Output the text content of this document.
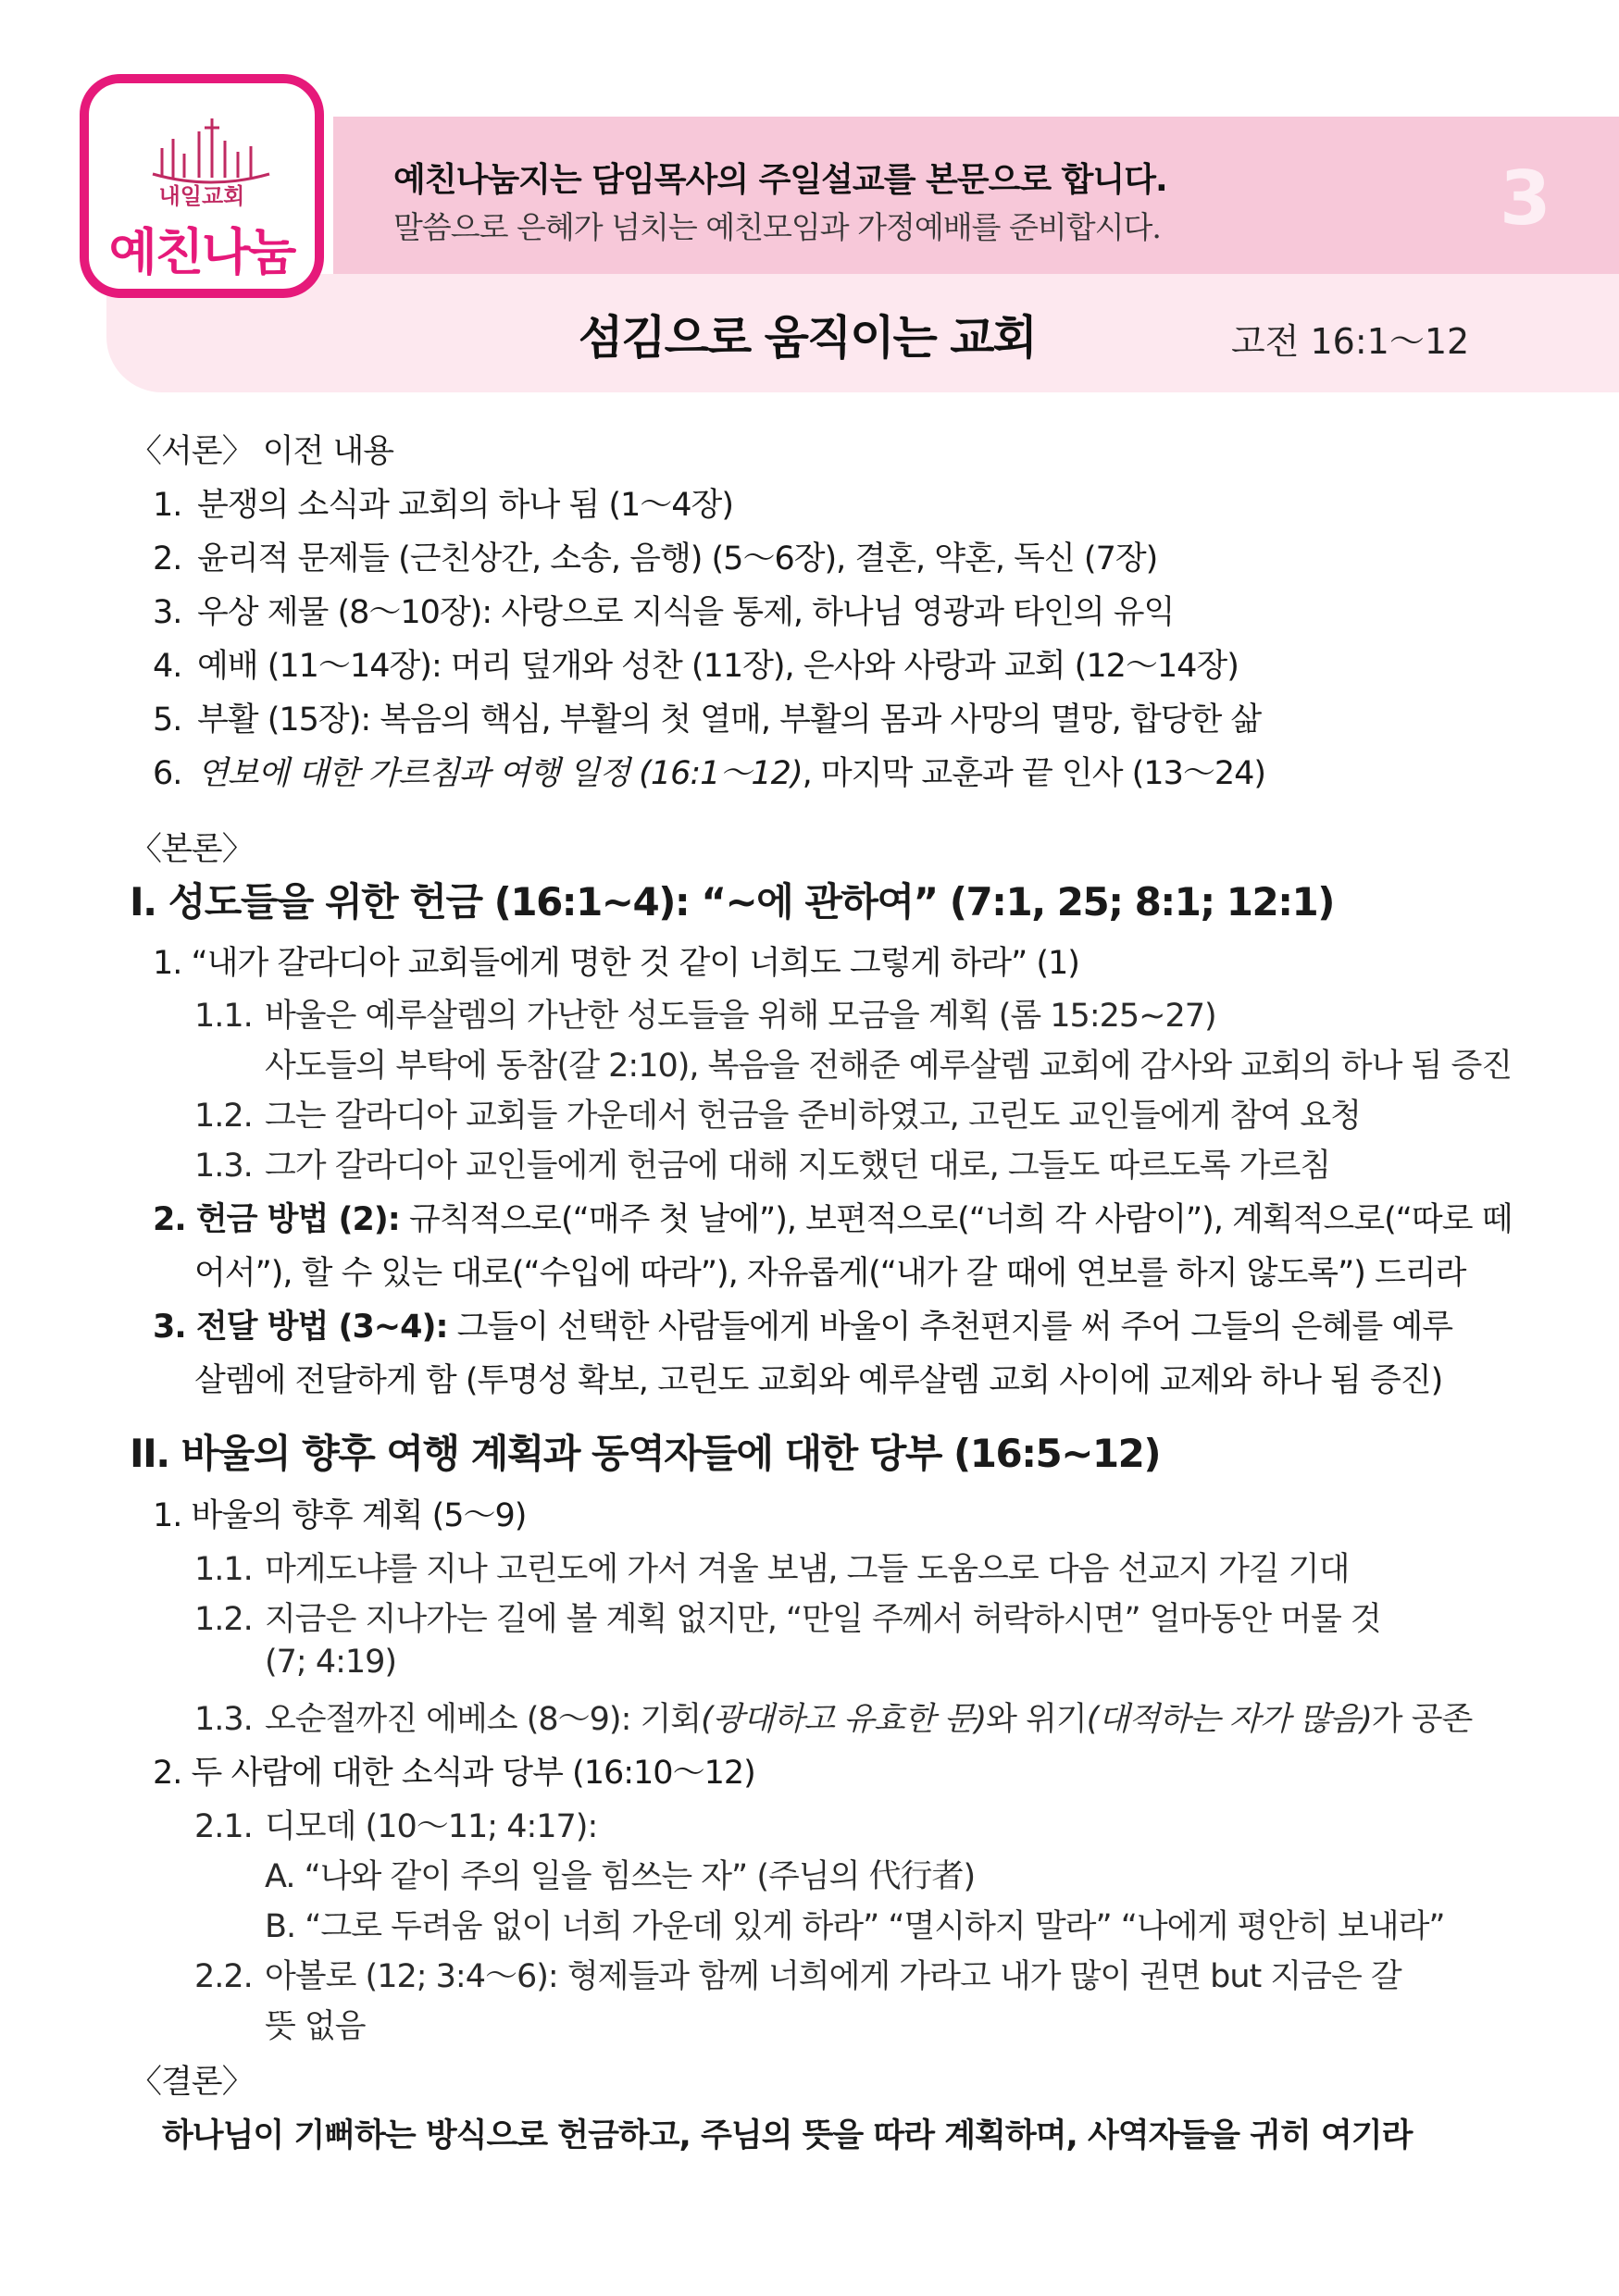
내일교회
예친나눔
예친나눔지는 담임목사의 주일설교를 본문으로 합니다.
말씀으로 은혜가 넘치는 예친모임과 가정예배를 준비합시다.	3
섬김으로 움직이는 교회	고전 16:1～12
〈서론〉 이전 내용
1. 분쟁의 소식과 교회의 하나 됨 (1～4장)
2. 윤리적 문제들 (근친상간, 소송, 음행) (5～6장), 결혼, 약혼, 독신 (7장)
3. 우상 제물 (8～10장): 사랑으로 지식을 통제, 하나님 영광과 타인의 유익
4. 예배 (11～14장): 머리 덮개와 성찬 (11장), 은사와 사랑과 교회 (12～14장)
5. 부활 (15장): 복음의 핵심, 부활의 첫 열매, 부활의 몸과 사망의 멸망, 합당한 삶
6. 연보에 대한 가르침과 여행 일정 (16:1～12), 마지막 교훈과 끝 인사 (13～24)
〈본론〉
I. 성도들을 위한 헌금 (16:1~4): “~에 관하여” (7:1, 25; 8:1; 12:1)
1. “내가 갈라디아 교회들에게 명한 것 같이 너희도 그렇게 하라” (1)
1.1. 바울은 예루살렘의 가난한 성도들을 위해 모금을 계획 (롬 15:25~27)
사도들의 부탁에 동참(갈 2:10), 복음을 전해준 예루살렘 교회에 감사와 교회의 하나 됨 증진
1.2. 그는 갈라디아 교회들 가운데서 헌금을 준비하였고, 고린도 교인들에게 참여 요청
1.3. 그가 갈라디아 교인들에게 헌금에 대해 지도했던 대로, 그들도 따르도록 가르침
2. 헌금 방법 (2): 규칙적으로(“매주 첫 날에”), 보편적으로(“너희 각 사람이”), 계획적으로(“따로 떼
어서”), 할 수 있는 대로(“수입에 따라”), 자유롭게(“내가 갈 때에 연보를 하지 않도록”) 드리라
3. 전달 방법 (3~4): 그들이 선택한 사람들에게 바울이 추천편지를 써 주어 그들의 은혜를 예루
살렘에 전달하게 함 (투명성 확보, 고린도 교회와 예루살렘 교회 사이에 교제와 하나 됨 증진)
II. 바울의 향후 여행 계획과 동역자들에 대한 당부 (16:5~12)
1. 바울의 향후 계획 (5～9)
1.1. 마게도냐를 지나 고린도에 가서 겨울 보냄, 그들 도움으로 다음 선교지 가길 기대
1.2. 지금은 지나가는 길에 볼 계획 없지만, “만일 주께서 허락하시면” 얼마동안 머물 것
(7; 4:19)
1.3. 오순절까진 에베소 (8～9): 기회(광대하고 유효한 문)와 위기(대적하는 자가 많음)가 공존
2. 두 사람에 대한 소식과 당부 (16:10～12)
2.1. 디모데 (10～11; 4:17):
A. “나와 같이 주의 일을 힘쓰는 자” (주님의 代行者)
B. “그로 두려움 없이 너희 가운데 있게 하라” “멸시하지 말라” “나에게 평안히 보내라”
2.2. 아볼로 (12; 3:4～6): 형제들과 함께 너희에게 가라고 내가 많이 권면 but 지금은 갈
뜻 없음
〈결론〉
하나님이 기뻐하는 방식으로 헌금하고, 주님의 뜻을 따라 계획하며, 사역자들을 귀히 여기라
